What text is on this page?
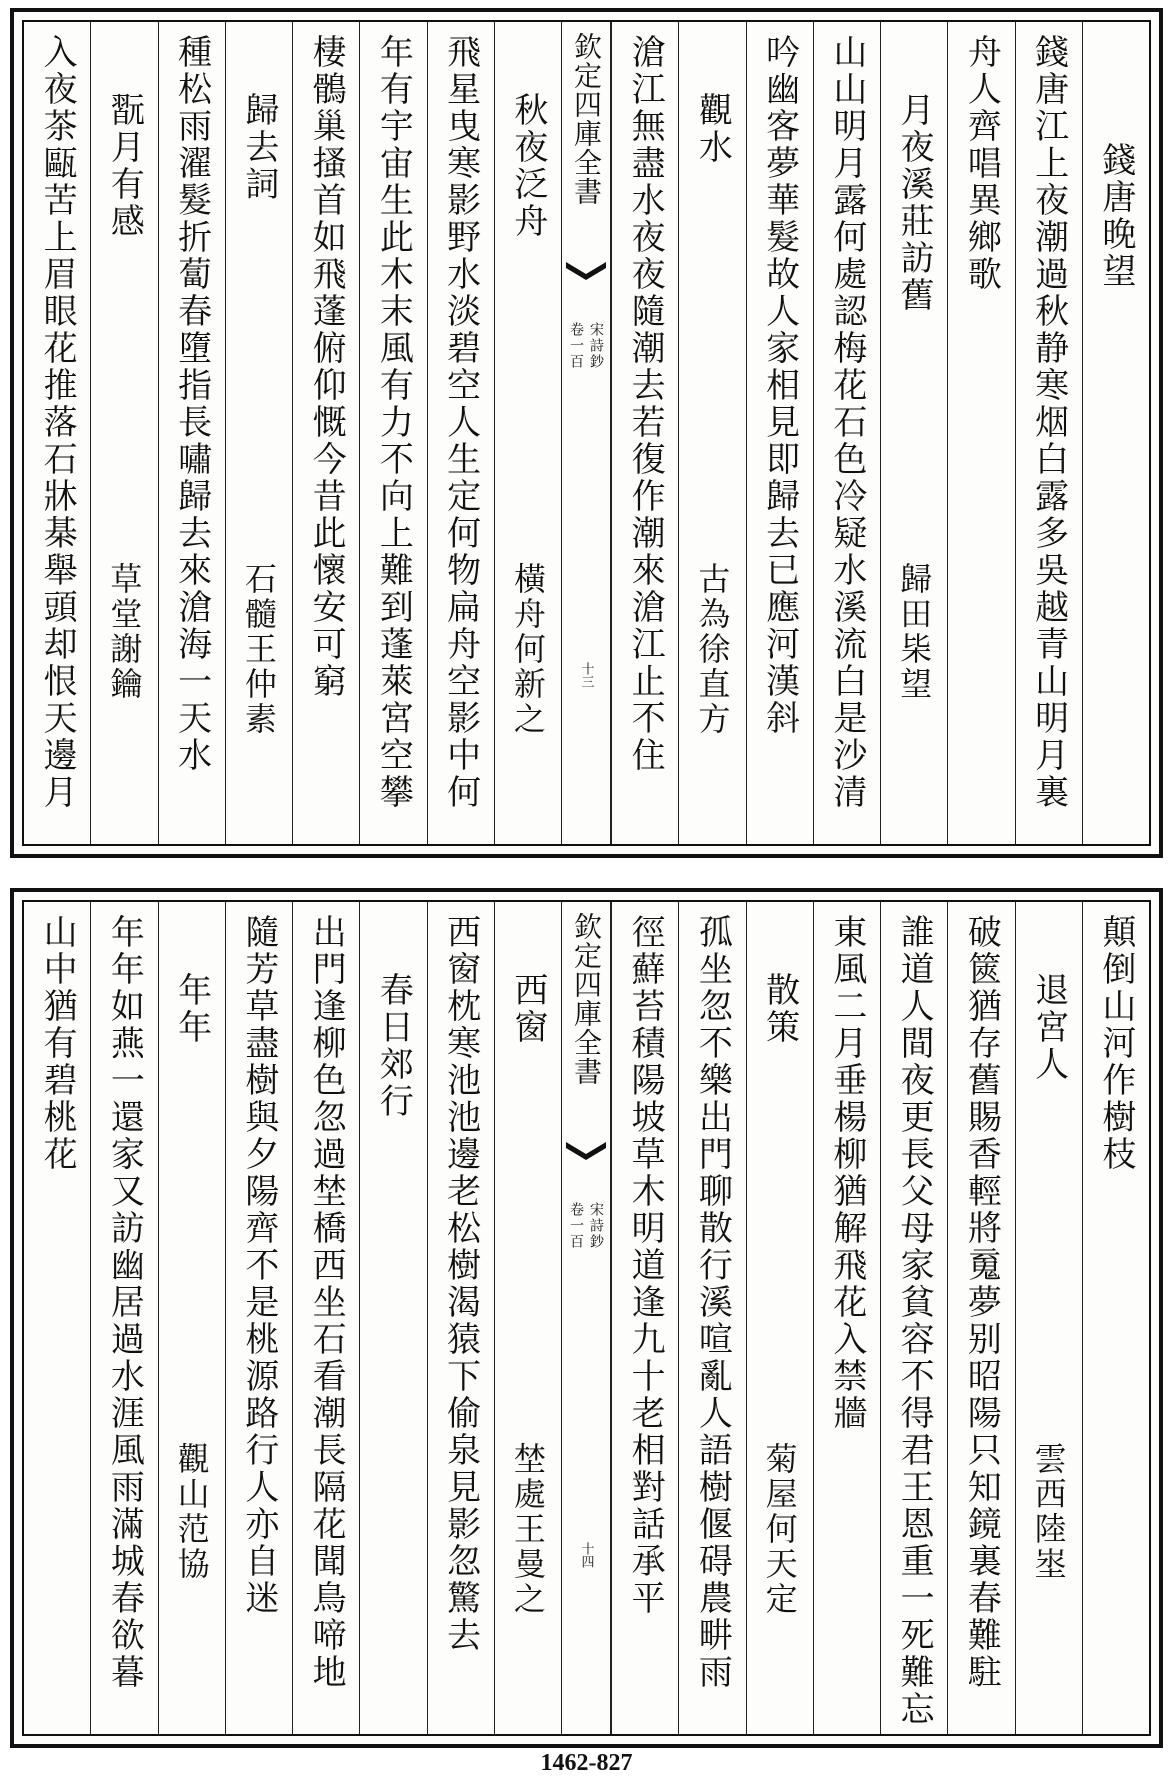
錢唐晚望
錢唐江上夜潮過秋静寒烟白露多吳越青山明月裏
舟人齊唱異鄉歌
月夜溪莊訪舊
歸田枈望
山山明月露何處認梅花石色冷疑水溪流白是沙清
吟幽客夢華髮故人家相見即歸去已應河漢斜
觀水
古為徐直方
滄江無盡水夜夜隨潮去若復作潮來滄江止不住
欽定四庫全書
宋詩鈔
卷一百
十三
秋夜泛舟
橫舟何新之
飛星曳寒影野水淡碧空人生定何物扁舟空影中何
年有宇宙生此木末風有力不向上難到蓬萊宮空攀
棲鶻巢搔首如飛蓬俯仰慨今昔此懷安可窮
歸去詞
石髓王仲素
種松雨濯髮折蔔春墮指長嘯歸去來滄海一天水
翫月有感
草堂謝鑰
入夜茶甌苦上眉眼花推落石牀棊舉頭却恨天邊月
顛倒山河作樹枝
退宮人
雲西陸埊
破篋猶存舊賜香輕將䰟夢别昭陽只知鏡裏春難駐
誰道人間夜更長父母家貧容不得君王恩重一死難忘
東風二月垂楊柳猶解飛花入禁牆
散策
菊屋何天定
孤坐忽不樂出門聊散行溪喧亂人語樹偃碍農畊雨
徑蘚苔積陽坡草木明道逢九十老相對話承平
欽定四庫全書
宋詩鈔
卷一百
十四
西窗
埜處王曼之
西窗枕寒池池邊老松樹渴猿下偷泉見影忽驚去
春日郊行
出門逢柳色忽過埜橋西坐石看潮長隔花聞鳥啼地
隨芳草盡樹與夕陽齊不是桃源路行人亦自迷
年年
觀山范協
年年如燕一還家又訪幽居過水涯風雨滿城春欲暮
山中猶有碧桃花
1462-827
